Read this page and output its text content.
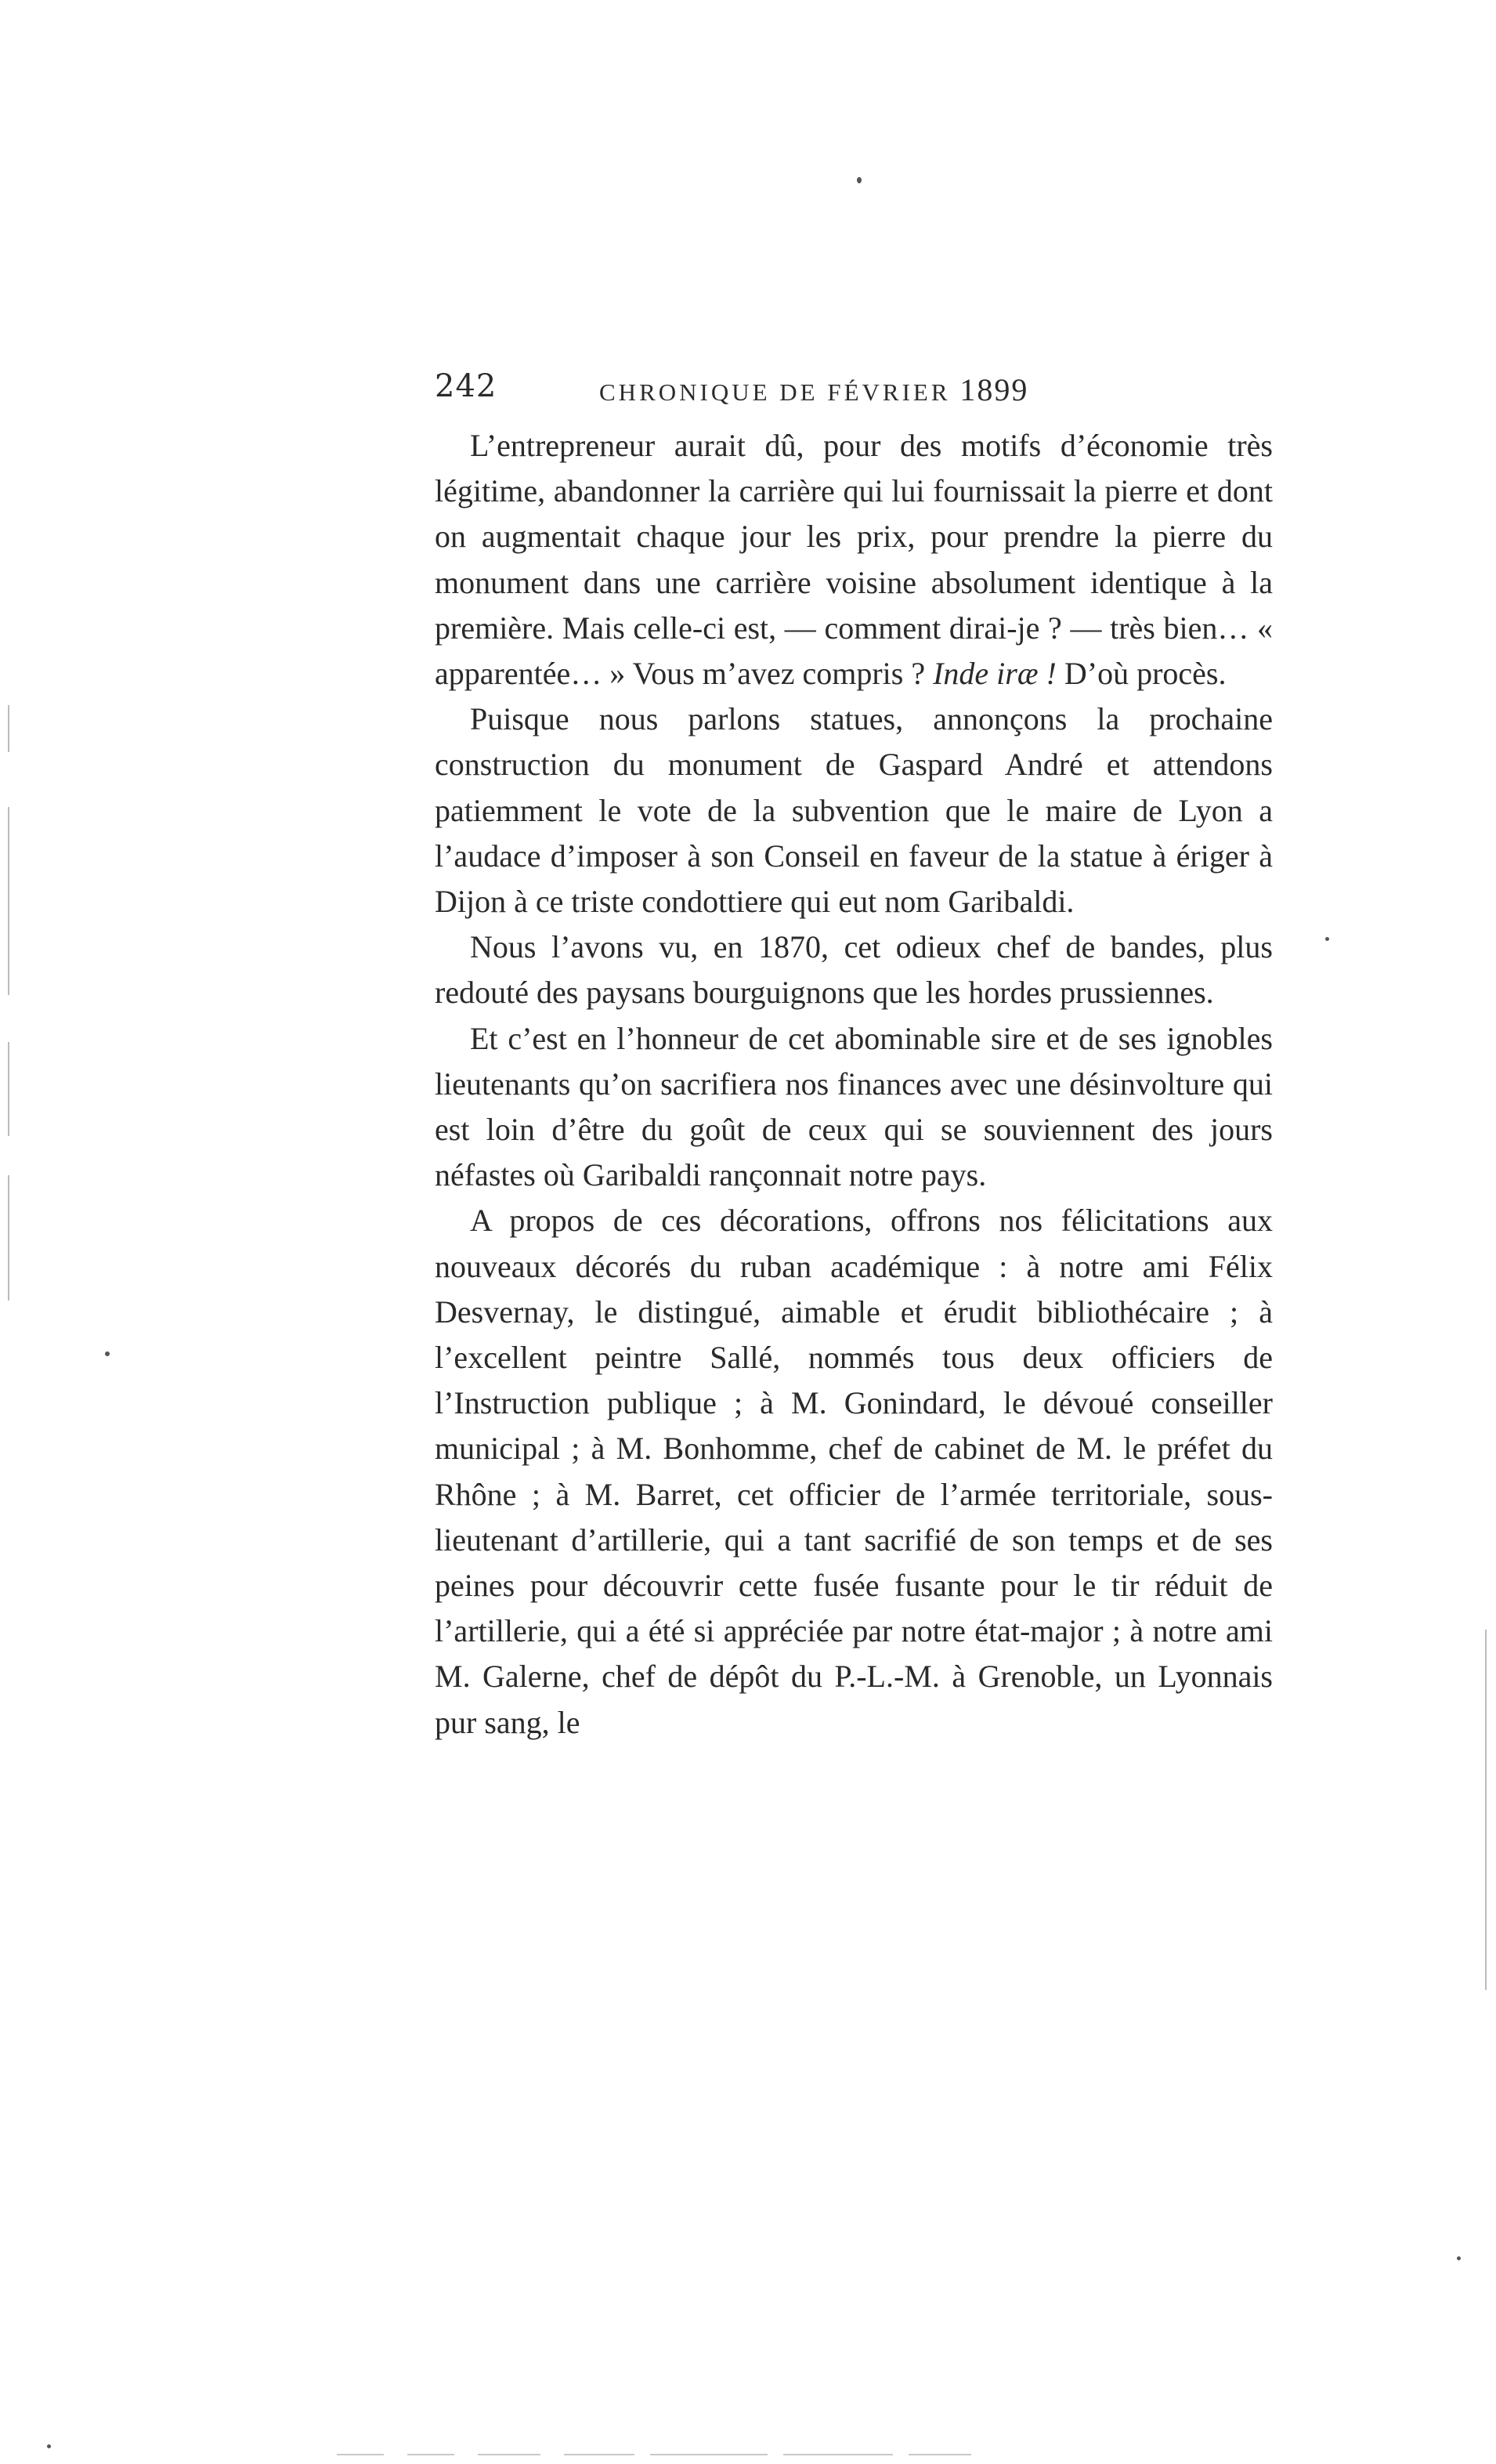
242	CHRONIQUE DE FÉVRIER 1899

L’entrepreneur aurait dû, pour des motifs d’économie très légitime, abandonner la carrière qui lui fournissait la pierre et dont on augmentait chaque jour les prix, pour prendre la pierre du monument dans une carrière voisine absolument identique à la première. Mais celle-ci est, — comment dirai-je ? — très bien… « apparentée… » Vous m’avez compris ? Inde iræ ! D’où procès.

Puisque nous parlons statues, annonçons la prochaine construction du monument de Gaspard André et attendons patiemment le vote de la subvention que le maire de Lyon a l’audace d’imposer à son Conseil en faveur de la statue à ériger à Dijon à ce triste condottiere qui eut nom Garibaldi.

Nous l’avons vu, en 1870, cet odieux chef de bandes, plus redouté des paysans bourguignons que les hordes prussiennes.

Et c’est en l’honneur de cet abominable sire et de ses ignobles lieutenants qu’on sacrifiera nos finances avec une désinvolture qui est loin d’être du goût de ceux qui se souviennent des jours néfastes où Garibaldi rançonnait notre pays.

A propos de ces décorations, offrons nos félicitations aux nouveaux décorés du ruban académique : à notre ami Félix Desvernay, le distingué, aimable et érudit bibliothécaire ; à l’excellent peintre Sallé, nommés tous deux officiers de l’Instruction publique ; à M. Gonindard, le dévoué conseiller municipal ; à M. Bonhomme, chef de cabinet de M. le préfet du Rhône ; à M. Barret, cet officier de l’armée territoriale, sous-lieutenant d’artillerie, qui a tant sacrifié de son temps et de ses peines pour découvrir cette fusée fusante pour le tir réduit de l’artillerie, qui a été si appréciée par notre état-major ; à notre ami M. Galerne, chef de dépôt du P.-L.-M. à Grenoble, un Lyonnais pur sang, le
